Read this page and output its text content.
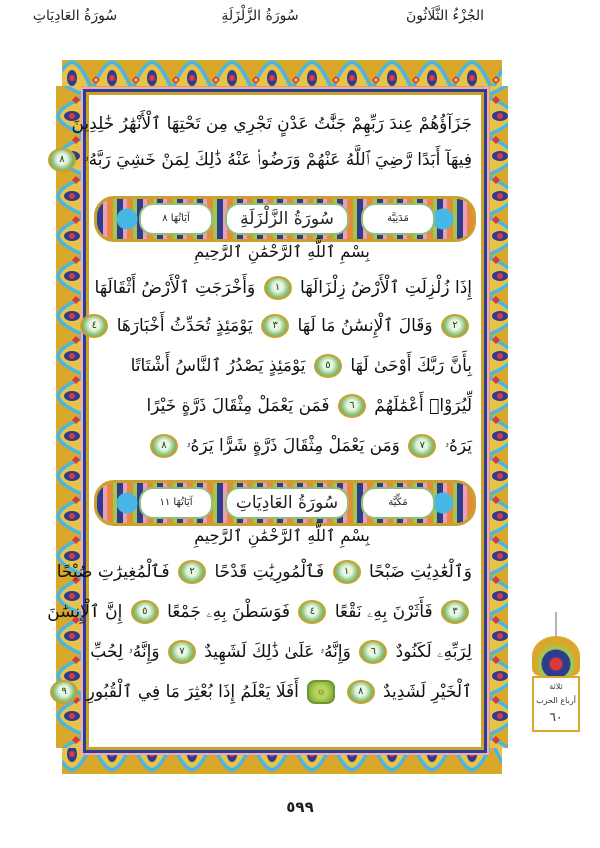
الجُزْءُ الثَّلَاثُونَ
سُورَةُ الزَّلْزَلَةِ
سُورَةُ العَادِيَاتِ
جَزَآؤُهُمْ عِندَ رَبِّهِمْ جَنَّٰتُ عَدْنٍ تَجْرِي مِن تَحْتِهَا ٱلْأَنْهَٰرُ خَٰلِدِينَ
فِيهَآ أَبَدًا رَّضِيَ ٱللَّهُ عَنْهُمْ وَرَضُوا۟ عَنْهُ ذَٰلِكَ لِمَنْ خَشِيَ رَبَّهُۥ ٨
مَدَنِيَّة
سُورَةُ الزَّلْزَلَةِ
آيَاتُهَا ٨
بِسْمِ ٱللَّهِ ٱلرَّحْمَٰنِ ٱلرَّحِيمِ
إِذَا زُلْزِلَتِ ٱلْأَرْضُ زِلْزَالَهَا ١ وَأَخْرَجَتِ ٱلْأَرْضُ أَثْقَالَهَا
٢ وَقَالَ ٱلْإِنسَٰنُ مَا لَهَا ٣ يَوْمَئِذٍ تُحَدِّثُ أَخْبَارَهَا ٤
بِأَنَّ رَبَّكَ أَوْحَىٰ لَهَا ٥ يَوْمَئِذٍ يَصْدُرُ ٱلنَّاسُ أَشْتَاتًا
لِّيُرَوْا۟ أَعْمَٰلَهُمْ ٦ فَمَن يَعْمَلْ مِثْقَالَ ذَرَّةٍ خَيْرًا
يَرَهُۥ ٧ وَمَن يَعْمَلْ مِثْقَالَ ذَرَّةٍ شَرًّا يَرَهُۥ ٨
مَكِّيَّة
سُورَةُ العَادِيَاتِ
آيَاتُهَا ١١
بِسْمِ ٱللَّهِ ٱلرَّحْمَٰنِ ٱلرَّحِيمِ
وَٱلْعَٰدِيَٰتِ ضَبْحًا ١ فَٱلْمُورِيَٰتِ قَدْحًا ٢ فَٱلْمُغِيرَٰتِ صُبْحًا
٣ فَأَثَرْنَ بِهِۦ نَقْعًا ٤ فَوَسَطْنَ بِهِۦ جَمْعًا ٥ إِنَّ ٱلْإِنسَٰنَ
لِرَبِّهِۦ لَكَنُودٌ ٦ وَإِنَّهُۥ عَلَىٰ ذَٰلِكَ لَشَهِيدٌ ٧ وَإِنَّهُۥ لِحُبِّ
ٱلْخَيْرِ لَشَدِيدٌ ٨ ۞ أَفَلَا يَعْلَمُ إِذَا بُعْثِرَ مَا فِي ٱلْقُبُورِ ٩	ثلاثة
أرباع الحزب
٦٠
٥٩٩
